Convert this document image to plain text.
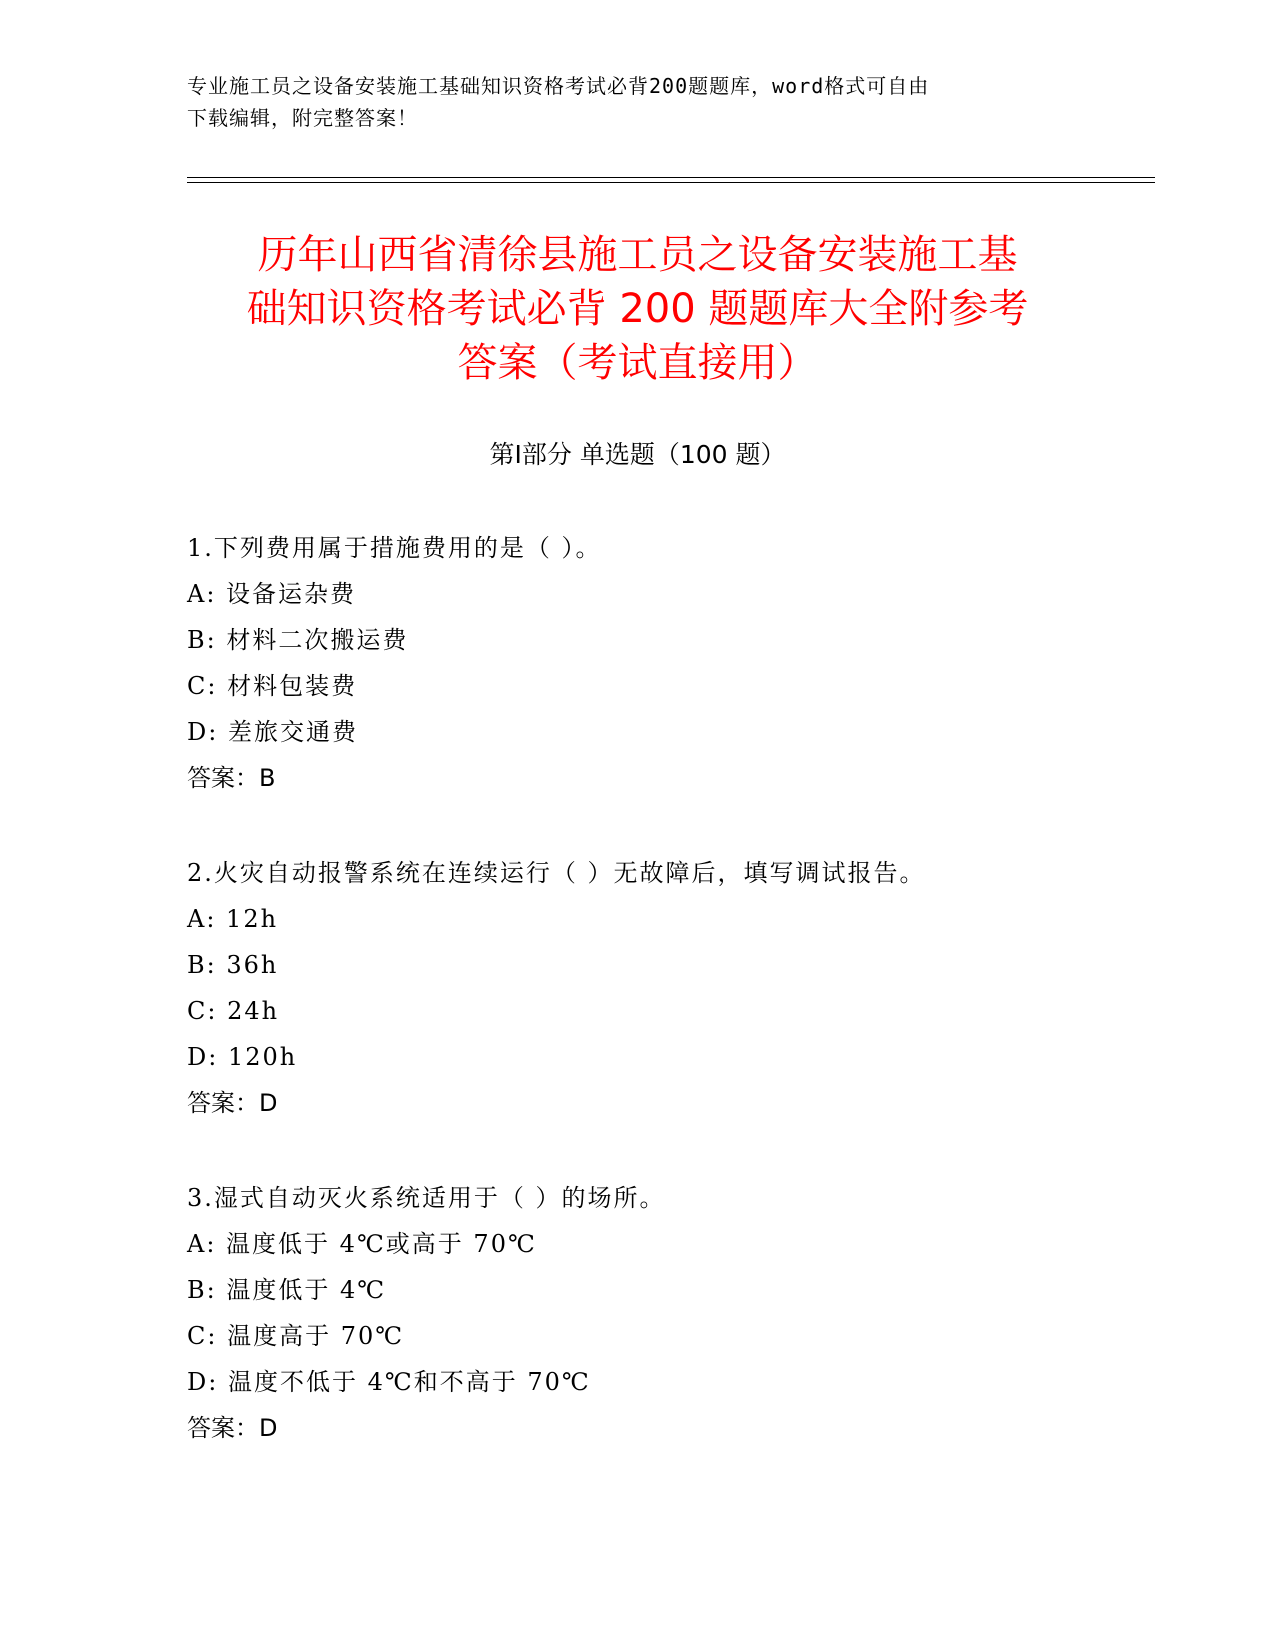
专业施工员之设备安装施工基础知识资格考试必背200题题库，word格式可自由
下载编辑，附完整答案！
历年山西省清徐县施工员之设备安装施工基
础知识资格考试必背 200 题题库大全附参考
答案（考试直接用）
第Ⅰ部分 单选题（100 题）
1.下列费用属于措施费用的是（ ）。
A: 设备运杂费
B: 材料二次搬运费
C: 材料包装费
D: 差旅交通费
答案：B
2.火灾自动报警系统在连续运行（ ）无故障后，填写调试报告。
A: 12h
B: 36h
C: 24h
D: 120h
答案：D
3.湿式自动灭火系统适用于（ ）的场所。
A: 温度低于 4℃或高于 70℃
B: 温度低于 4℃
C: 温度高于 70℃
D: 温度不低于 4℃和不高于 70℃
答案：D
